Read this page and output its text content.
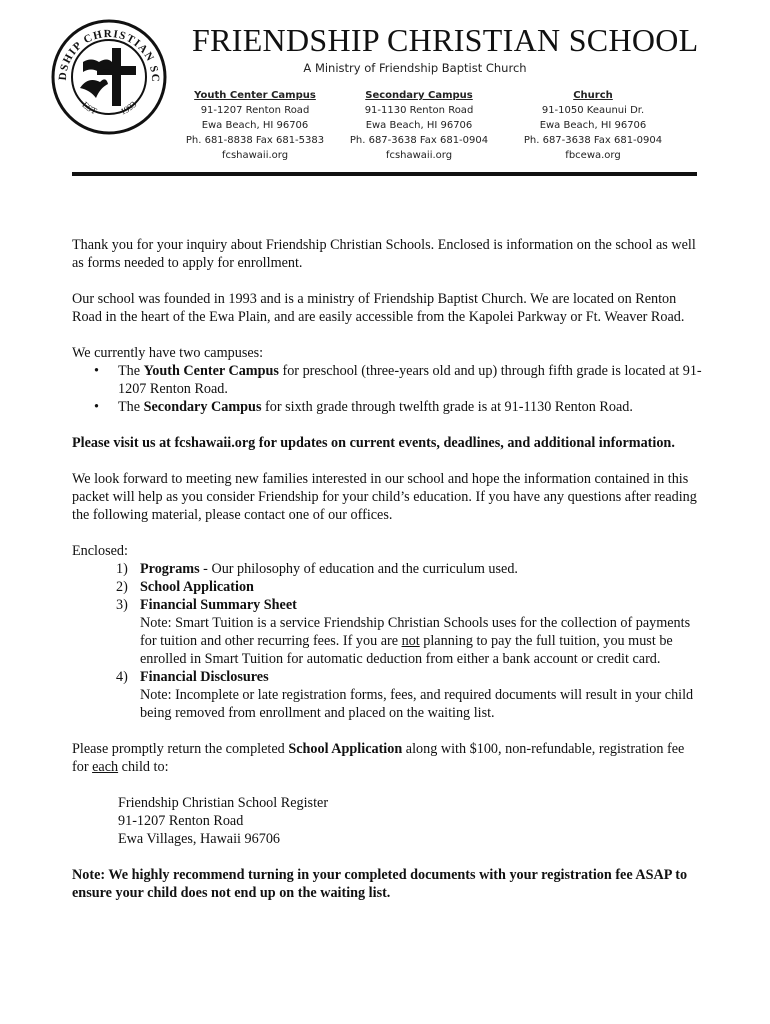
DSHIP CHRISTIAN SC
EST 1993
FRIENDSHIP CHRISTIAN SCHOOL
A Ministry of Friendship Baptist Church
Youth Center Campus
91-1207 Renton Road
Ewa Beach, HI 96706
Ph. 681-8838 Fax 681-5383
fcshawaii.org
Secondary Campus
91-1130 Renton Road
Ewa Beach, HI 96706
Ph. 687-3638 Fax 681-0904
fcshawaii.org
Church
91-1050 Keaunui Dr.
Ewa Beach, HI 96706
Ph. 687-3638 Fax 681-0904
fbcewa.org

Thank you for your inquiry about Friendship Christian Schools. Enclosed is information on the school as well as forms needed to apply for enrollment.

Our school was founded in 1993 and is a ministry of Friendship Baptist Church. We are located on Renton Road in the heart of the Ewa Plain, and are easily accessible from the Kapolei Parkway or Ft. Weaver Road.

We currently have two campuses:
• The Youth Center Campus for preschool (three-years old and up) through fifth grade is located at 91-1207 Renton Road.
• The Secondary Campus for sixth grade through twelfth grade is at 91-1130 Renton Road.

Please visit us at fcshawaii.org for updates on current events, deadlines, and additional information.

We look forward to meeting new families interested in our school and hope the information contained in this packet will help as you consider Friendship for your child’s education. If you have any questions after reading the following material, please contact one of our offices.

Enclosed:
1) Programs - Our philosophy of education and the curriculum used.
2) School Application
3) Financial Summary Sheet
Note: Smart Tuition is a service Friendship Christian Schools uses for the collection of payments for tuition and other recurring fees. If you are not planning to pay the full tuition, you must be enrolled in Smart Tuition for automatic deduction from either a bank account or credit card.
4) Financial Disclosures
Note: Incomplete or late registration forms, fees, and required documents will result in your child being removed from enrollment and placed on the waiting list.

Please promptly return the completed School Application along with $100, non-refundable, registration fee for each child to:

Friendship Christian School Register
91-1207 Renton Road
Ewa Villages, Hawaii 96706

Note: We highly recommend turning in your completed documents with your registration fee ASAP to ensure your child does not end up on the waiting list.
